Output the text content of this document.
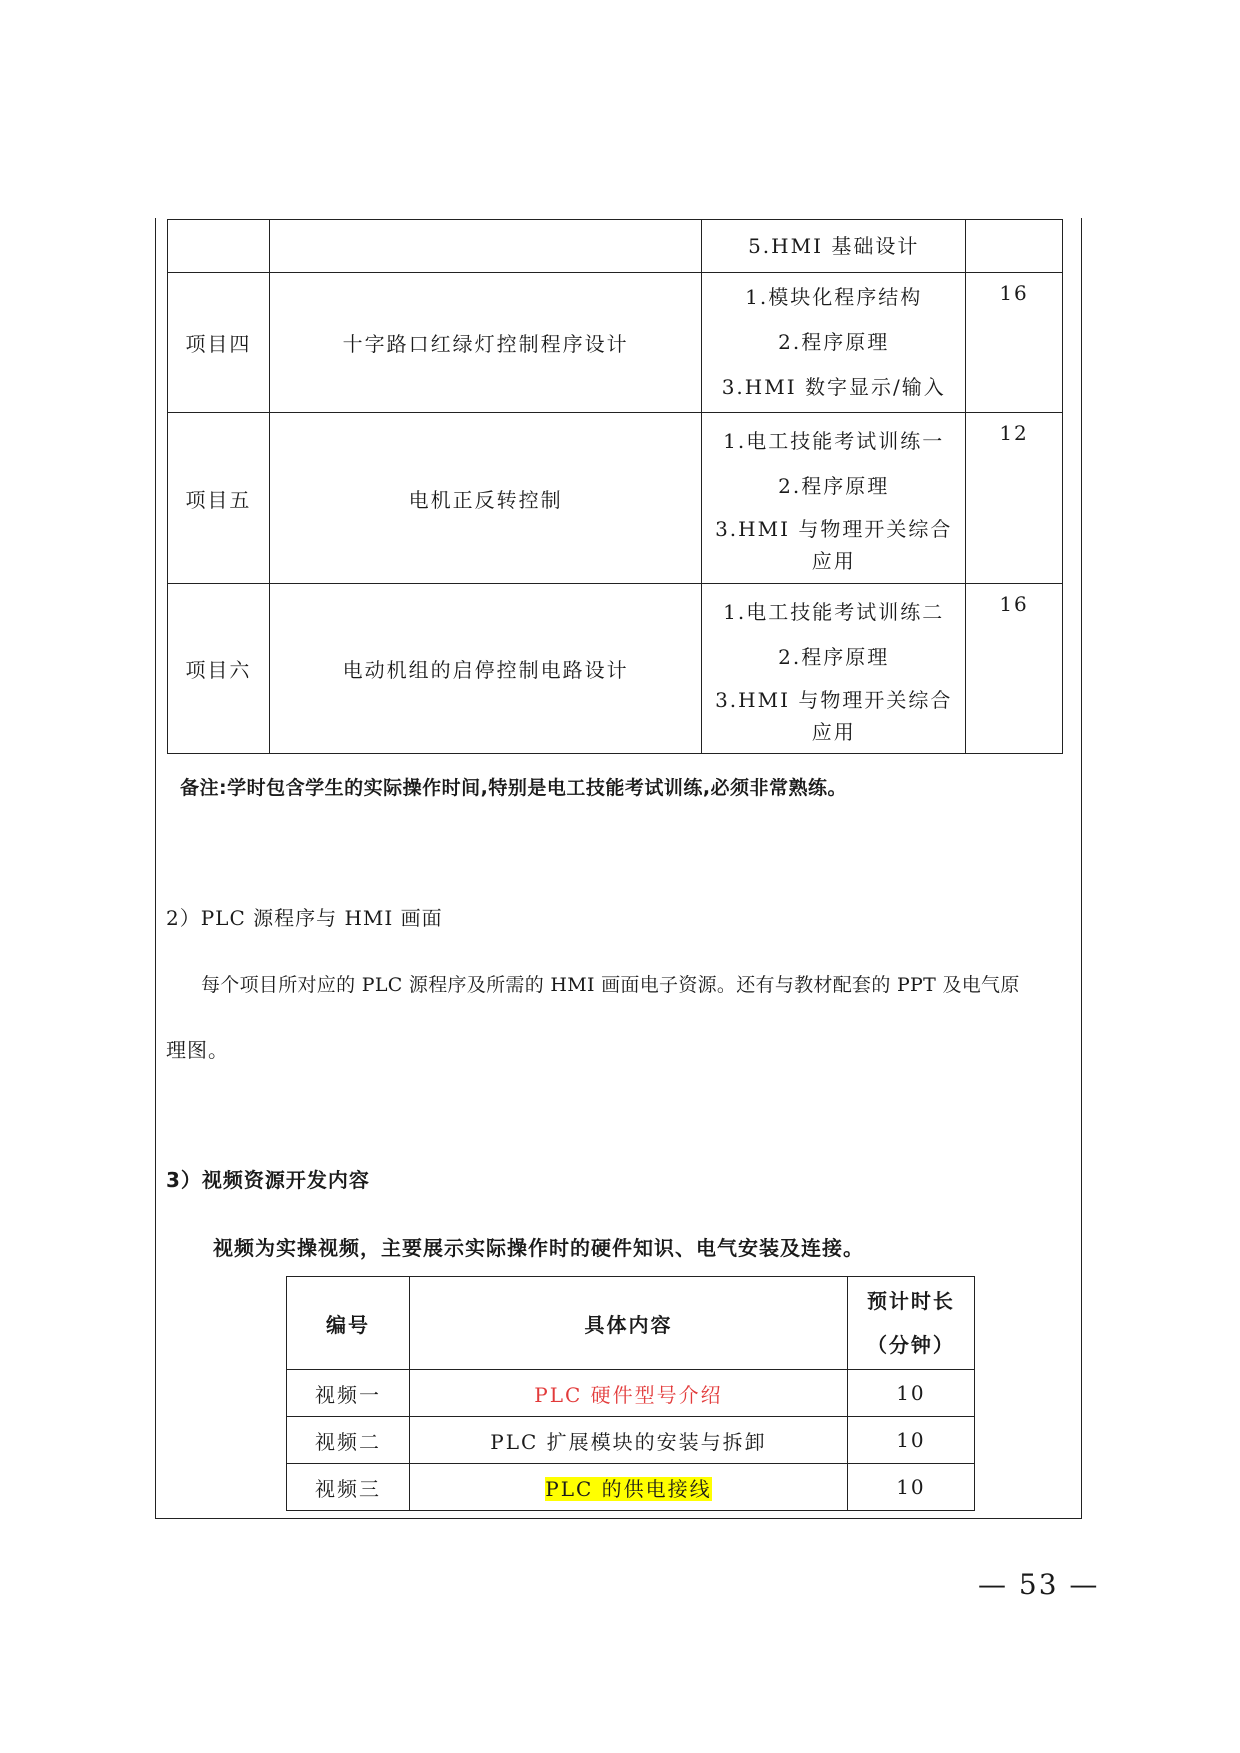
		5.HMI 基础设计	

项目四	十字路口红绿灯控制程序设计	1.模块化程序结构
2.程序原理
3.HMI 数字显示/输入	16
项目五	电机正反转控制	1.电工技能考试训练一
2.程序原理
3.HMI 与物理开关综合应用	12
项目六	电动机组的启停控制电路设计	1.电工技能考试训练二
2.程序原理
3.HMI 与物理开关综合应用	16
备注:学时包含学生的实际操作时间,特别是电工技能考试训练,必须非常熟练。
2）PLC 源程序与 HMI 画面
每个项目所对应的 PLC 源程序及所需的 HMI 画面电子资源。还有与教材配套的 PPT 及电气原
理图。
3）视频资源开发内容
视频为实操视频，主要展示实际操作时的硬件知识、电气安装及连接。
编号	具体内容	预计时长
（分钟）

视频一	PLC 硬件型号介绍	10
视频二	PLC 扩展模块的安装与拆卸	10
视频三	PLC 的供电接线	10
— 53 —
